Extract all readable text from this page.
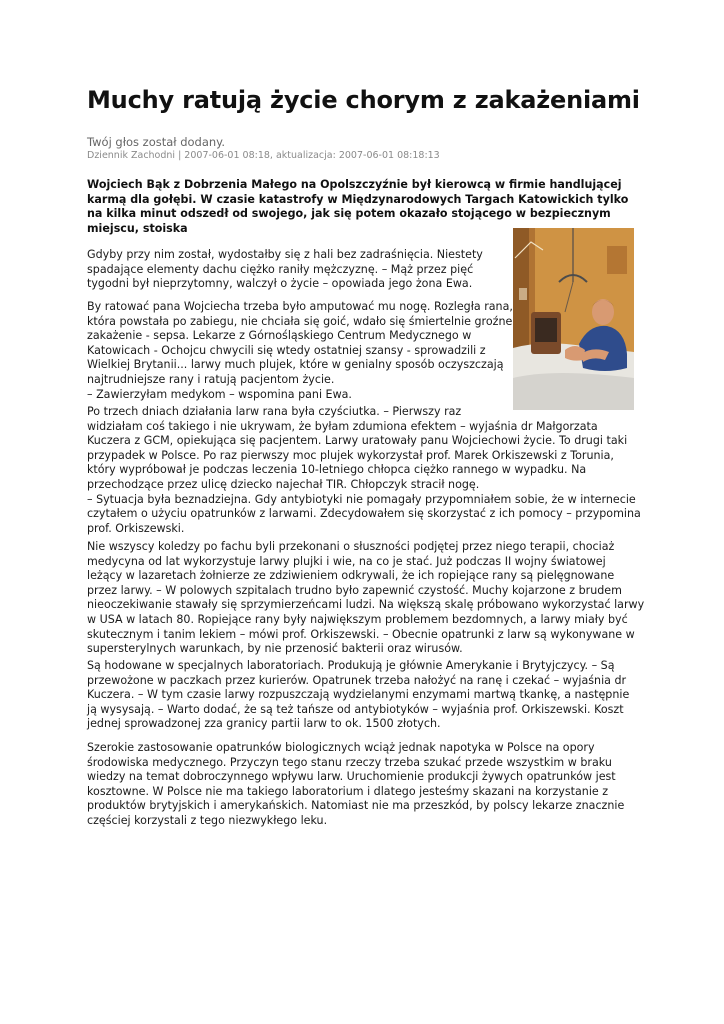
Muchy ratują życie chorym z zakażeniami
Twój głos został dodany.
Dziennik Zachodni | 2007-06-01 08:18, aktualizacja: 2007-06-01 08:18:13

Wojciech Bąk z Dobrzenia Małego na Opolszczyźnie był kierowcą w firmie handlującej
karmą dla gołębi. W czasie katastrofy w Międzynarodowych Targach Katowickich tylko
na kilka minut odszedł od swojego, jak się potem okazało stojącego w bezpiecznym
miejscu, stoiska

Gdyby przy nim został, wydostałby się z hali bez zadraśnięcia. Niestety
spadające elementy dachu ciężko raniły mężczyznę. – Mąż przez pięć
tygodni był nieprzytomny, walczył o życie – opowiada jego żona Ewa.

By ratować pana Wojciecha trzeba było amputować mu nogę. Rozległa rana,
która powstała po zabiegu, nie chciała się goić, wdało się śmiertelnie groźne
zakażenie - sepsa. Lekarze z Górnośląskiego Centrum Medycznego w
Katowicach - Ochojcu chwycili się wtedy ostatniej szansy - sprowadzili z
Wielkiej Brytanii... larwy much plujek, które w genialny sposób oczyszczają
najtrudniejsze rany i ratują pacjentom życie.
– Zawierzyłam medykom – wspomina pani Ewa.

Po trzech dniach działania larw rana była czyściutka. – Pierwszy raz
widziałam coś takiego i nie ukrywam, że byłam zdumiona efektem – wyjaśnia dr Małgorzata
Kuczera z GCM, opiekująca się pacjentem. Larwy uratowały panu Wojciechowi życie. To drugi taki
przypadek w Polsce. Po raz pierwszy moc plujek wykorzystał prof. Marek Orkiszewski z Torunia,
który wypróbował je podczas leczenia 10-letniego chłopca ciężko rannego w wypadku. Na
przechodzące przez ulicę dziecko najechał TIR. Chłopczyk stracił nogę.
– Sytuacja była beznadziejna. Gdy antybiotyki nie pomagały przypomniałem sobie, że w internecie
czytałem o użyciu opatrunków z larwami. Zdecydowałem się skorzystać z ich pomocy – przypomina
prof. Orkiszewski.

Nie wszyscy koledzy po fachu byli przekonani o słuszności podjętej przez niego terapii, chociaż
medycyna od lat wykorzystuje larwy plujki i wie, na co je stać. Już podczas II wojny światowej
leżący w lazaretach żołnierze ze zdziwieniem odkrywali, że ich ropiejące rany są pielęgnowane
przez larwy. – W polowych szpitalach trudno było zapewnić czystość. Muchy kojarzone z brudem
nieoczekiwanie stawały się sprzymierzeńcami ludzi. Na większą skalę próbowano wykorzystać larwy
w USA w latach 80. Ropiejące rany były największym problemem bezdomnych, a larwy miały być
skutecznym i tanim lekiem – mówi prof. Orkiszewski. – Obecnie opatrunki z larw są wykonywane w
supersterylnych warunkach, by nie przenosić bakterii oraz wirusów.

Są hodowane w specjalnych laboratoriach. Produkują je głównie Amerykanie i Brytyjczycy. – Są
przewożone w paczkach przez kurierów. Opatrunek trzeba nałożyć na ranę i czekać – wyjaśnia dr
Kuczera. – W tym czasie larwy rozpuszczają wydzielanymi enzymami martwą tkankę, a następnie
ją wysysają. – Warto dodać, że są też tańsze od antybiotyków – wyjaśnia prof. Orkiszewski. Koszt
jednej sprowadzonej zza granicy partii larw to ok. 1500 złotych.

Szerokie zastosowanie opatrunków biologicznych wciąż jednak napotyka w Polsce na opory
środowiska medycznego. Przyczyn tego stanu rzeczy trzeba szukać przede wszystkim w braku
wiedzy na temat dobroczynnego wpływu larw. Uruchomienie produkcji żywych opatrunków jest
kosztowne. W Polsce nie ma takiego laboratorium i dlatego jesteśmy skazani na korzystanie z
produktów brytyjskich i amerykańskich. Natomiast nie ma przeszkód, by polscy lekarze znacznie
częściej korzystali z tego niezwykłego leku.
